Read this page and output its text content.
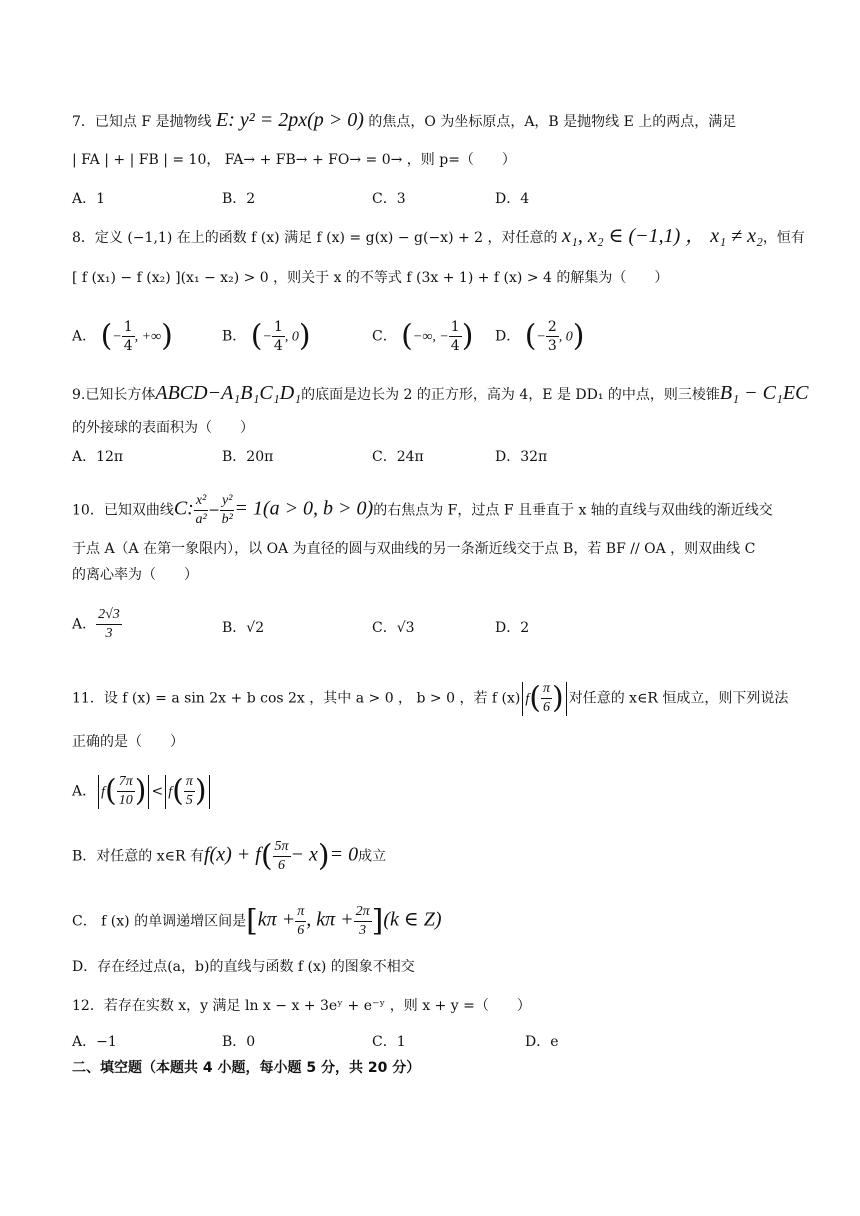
7．已知点 F 是抛物线 E: y² = 2px(p > 0) 的焦点，O 为坐标原点，A，B 是抛物线 E 上的两点，满足
| FA | + | FB | = 10， FA→ + FB→ + FO→ = 0→ ，则 p=（　　）
A．1	B．2	C．3	D．4
8．定义 (−1,1) 在上的函数 f (x) 满足 f (x) = g(x) − g(−x) + 2 ，对任意的 x₁, x₂ ∈ (−1,1) ， x₁ ≠ x₂，恒有
[ f (x₁) − f (x₂) ](x₁ − x₂) > 0 ，则关于 x 的不等式 f (3x + 1) + f (x) > 4 的解集为（　　）
A． (− $\frac{1}{4}$ , +∞)	B． (− $\frac{1}{4}$ , 0)	C． (−∞, − $\frac{1}{4}$ ) D． (− $\frac{2}{3}$ , 0)
9.已知长方体ABCD−A₁B₁C₁D₁的底面是边长为 2 的正方形，高为 4，E 是 DD₁ 的中点，则三棱锥B₁ − C₁EC
的外接球的表面积为（　　）
A．12π	B．20π	C．24π	D．32π
10．已知双曲线C: $\frac{\text{x²}}{\text{a²}} - \frac{\text{y²}}{\text{b²}} = 1(a > 0$, b > 0)的右焦点为 F，过点 F 且垂直于 x 轴的直线与双曲线的渐近线交
于点 A（A 在第一象限内），以 OA 为直径的圆与双曲线的另一条渐近线交于点 B，若 BF // OA ，则双曲线 C
的离心率为（　　）
A． $\frac{2√3}{3}$	B．√2	C．√3	D．2
11．设 f (x) = a sin 2x + b cos 2x ，其中 a > 0 ， b > 0 ，若 f (x) $f( \frac{\pi}{6}$ ) 对任意的 x∈R 恒成立，则下列说法
正确的是（　　）
A． $f( \frac{7\pi}{10}$ ) < $f( \frac{\pi}{5}$ )
B．对任意的 x∈R 有$f(x) + f( \frac{5\pi}{6} - x)= 0$成立
C． f (x) 的单调递增区间是[$k\pi + \frac{\pi}{6}$ , $k\pi + \frac{2\pi}{3} ](k$ ∈ Z)
D．存在经过点(a，b)的直线与函数 f (x) 的图象不相交
12．若存在实数 x，y 满足 ln x − x + 3eʸ + e⁻ʸ ，则 x + y =（　　）
A．−1	B．0	C．1	D．e
二、填空题（本题共 4 小题，每小题 5 分，共 20 分）
